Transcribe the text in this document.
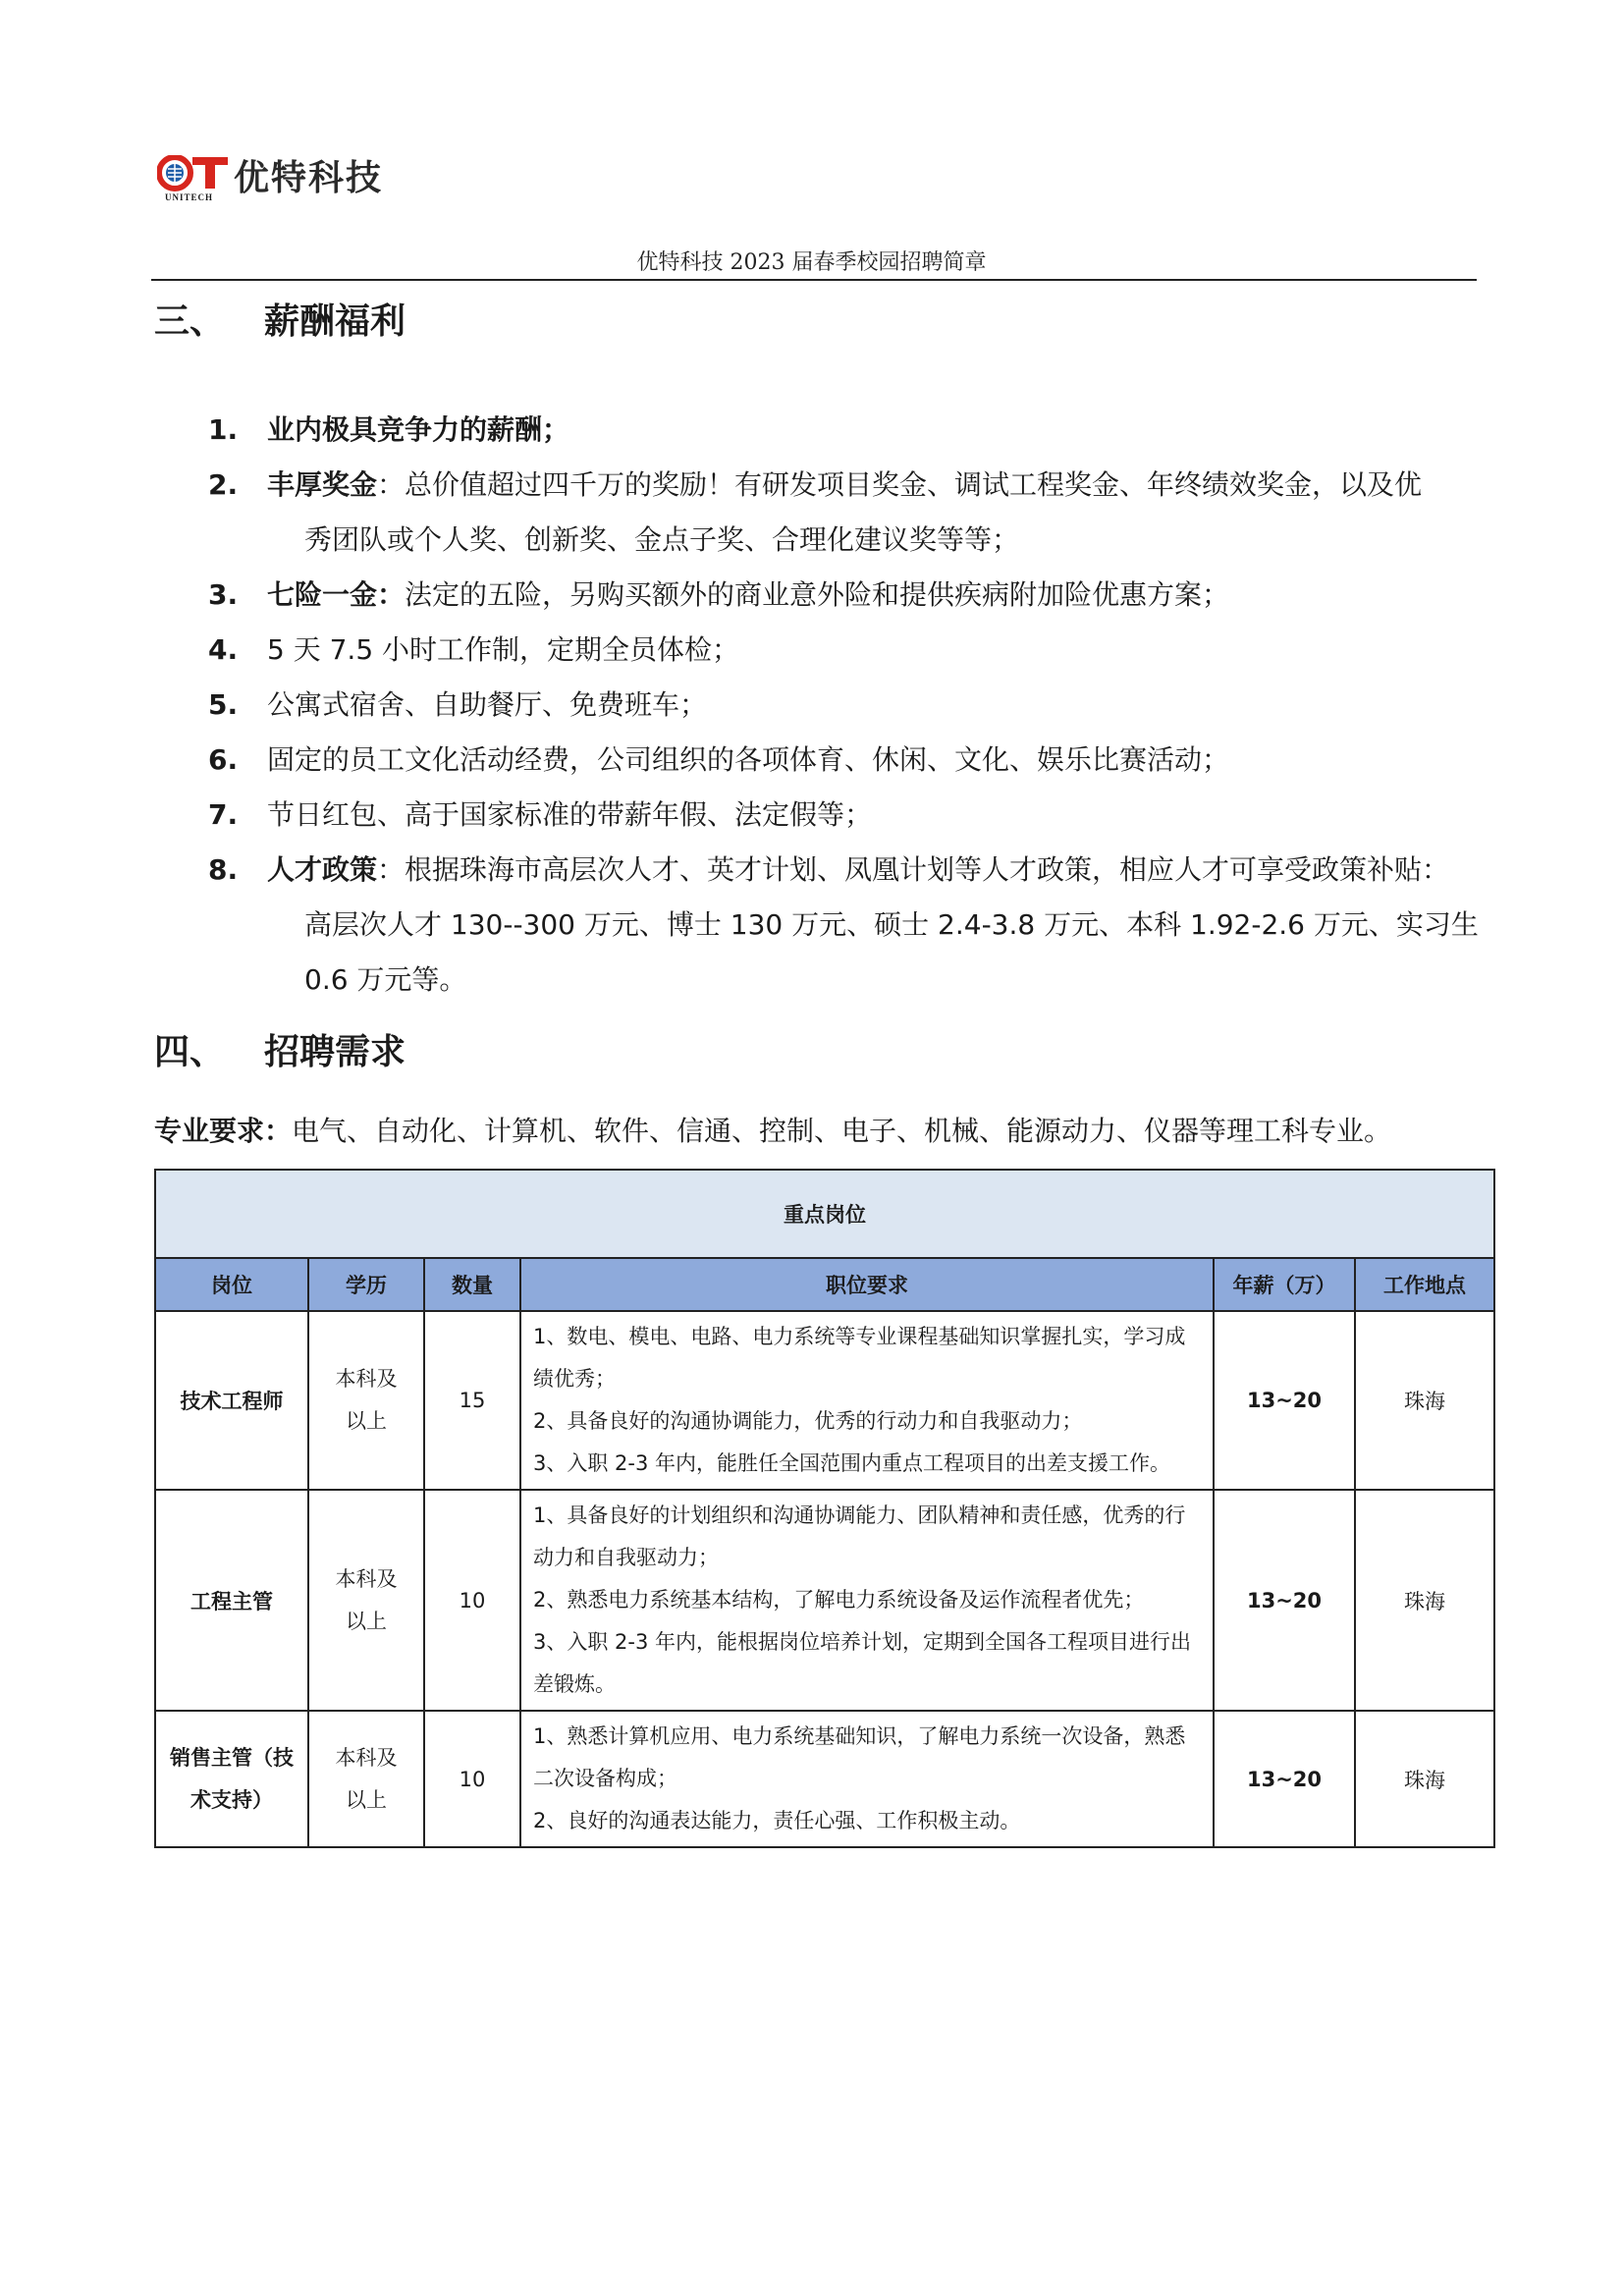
UNITECH 优特科技
优特科技 2023 届春季校园招聘简章
三、 薪酬福利
1. 业内极具竞争力的薪酬；
2. 丰厚奖金：总价值超过四千万的奖励！有研发项目奖金、调试工程奖金、年终绩效奖金，以及优
秀团队或个人奖、创新奖、金点子奖、合理化建议奖等等；
3. 七险一金：法定的五险，另购买额外的商业意外险和提供疾病附加险优惠方案；
4. 5 天 7.5 小时工作制，定期全员体检；
5. 公寓式宿舍、自助餐厅、免费班车；
6. 固定的员工文化活动经费，公司组织的各项体育、休闲、文化、娱乐比赛活动；
7. 节日红包、高于国家标准的带薪年假、法定假等；
8. 人才政策：根据珠海市高层次人才、英才计划、凤凰计划等人才政策，相应人才可享受政策补贴：
高层次人才 130--300 万元、博士 130 万元、硕士 2.4-3.8 万元、本科 1.92-2.6 万元、实习生 0.6 万元等。
四、 招聘需求
专业要求：电气、自动化、计算机、软件、信通、控制、电子、机械、能源动力、仪器等理工科专业。
重点岗位					
岗位	学历	数量	职位要求	年薪（万）	工作地点
技术工程师	本科及以上	15	1、数电、模电、电路、电力系统等专业课程基础知识掌握扎实，学习成绩优秀；
2、具备良好的沟通协调能力，优秀的行动力和自我驱动力；
3、入职 2-3 年内，能胜任全国范围内重点工程项目的出差支援工作。	13~20	珠海
工程主管	本科及以上	10	1、具备良好的计划组织和沟通协调能力、团队精神和责任感，优秀的行动力和自我驱动力；
2、熟悉电力系统基本结构，了解电力系统设备及运作流程者优先；
3、入职 2-3 年内，能根据岗位培养计划，定期到全国各工程项目进行出差锻炼。	13~20	珠海

销售主管（技术支持）	本科及以上	10	1、熟悉计算机应用、电力系统基础知识，了解电力系统一次设备，熟悉二次设备构成；
2、良好的沟通表达能力，责任心强、工作积极主动。	13~20	珠海
